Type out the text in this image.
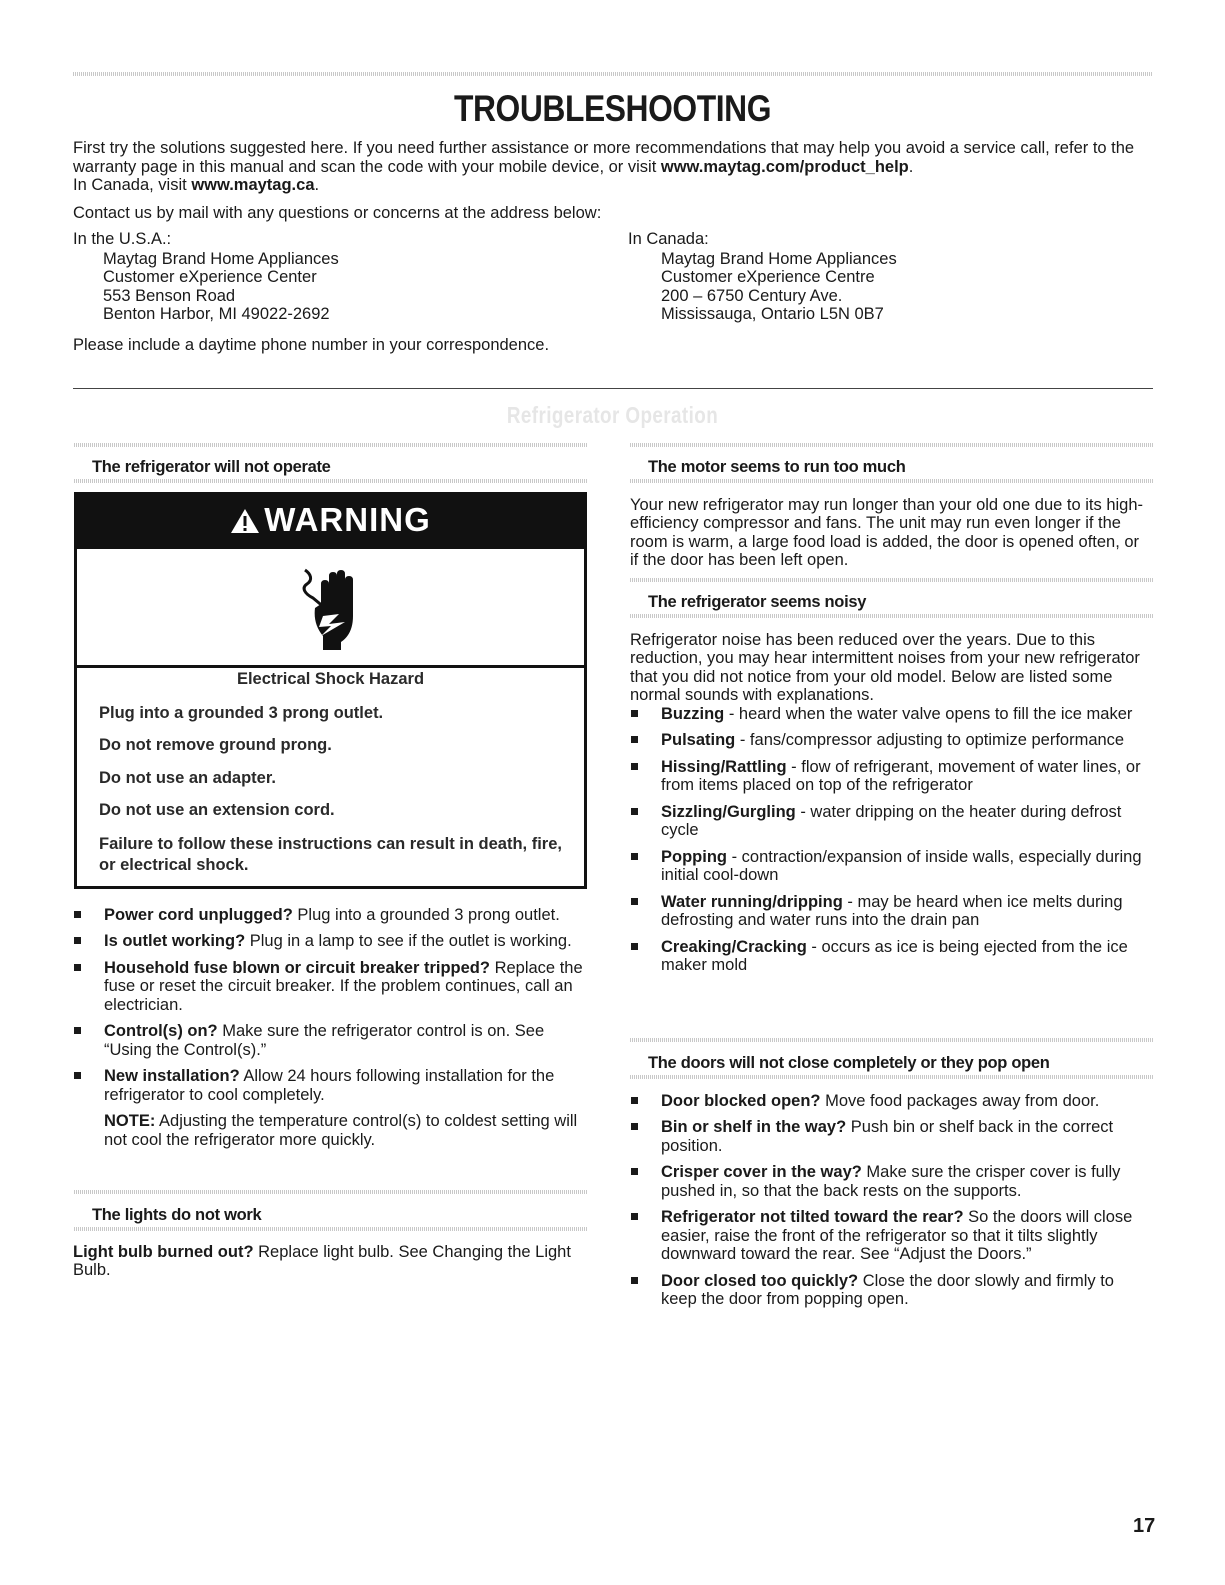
TROUBLESHOOTING

First try the solutions suggested here. If you need further assistance or more recommendations that may help you avoid a service call, refer to the warranty page in this manual and scan the code with your mobile device, or visit www.maytag.com/product_help.

In Canada, visit www.maytag.ca.

Contact us by mail with any questions or concerns at the address below:
In the U.S.A.:
Maytag Brand Home Appliances
Customer eXperience Center
553 Benson Road
Benton Harbor, MI 49022-2692
In Canada:
Maytag Brand Home Appliances
Customer eXperience Centre
200 – 6750 Century Ave.
Mississauga, Ontario L5N 0B7
Please include a daytime phone number in your correspondence.
Refrigerator Operation
The refrigerator will not operate
WARNING
Electrical Shock Hazard
Plug into a grounded 3 prong outlet.
Do not remove ground prong.
Do not use an adapter.
Do not use an extension cord.
Failure to follow these instructions can result in death, fire, or electrical shock.
Power cord unplugged? Plug into a grounded 3 prong outlet.
Is outlet working? Plug in a lamp to see if the outlet is working.
Household fuse blown or circuit breaker tripped? Replace the fuse or reset the circuit breaker. If the problem continues, call an electrician.
Control(s) on? Make sure the refrigerator control is on. See “Using the Control(s).”
New installation? Allow 24 hours following installation for the refrigerator to cool completely.
NOTE: Adjusting the temperature control(s) to coldest setting will not cool the refrigerator more quickly.
The lights do not work
Light bulb burned out? Replace light bulb. See Changing the Light Bulb.
The motor seems to run too much
Your new refrigerator may run longer than your old one due to its high-efficiency compressor and fans. The unit may run even longer if the room is warm, a large food load is added, the door is opened often, or if the door has been left open.
The refrigerator seems noisy
Refrigerator noise has been reduced over the years. Due to this reduction, you may hear intermittent noises from your new refrigerator that you did not notice from your old model. Below are listed some normal sounds with explanations.
Buzzing - heard when the water valve opens to fill the ice maker
Pulsating - fans/compressor adjusting to optimize performance
Hissing/Rattling - flow of refrigerant, movement of water lines, or from items placed on top of the refrigerator
Sizzling/Gurgling - water dripping on the heater during defrost cycle
Popping - contraction/expansion of inside walls, especially during initial cool-down
Water running/dripping - may be heard when ice melts during defrosting and water runs into the drain pan
Creaking/Cracking - occurs as ice is being ejected from the ice maker mold
The doors will not close completely or they pop open
Door blocked open? Move food packages away from door.
Bin or shelf in the way? Push bin or shelf back in the correct position.
Crisper cover in the way? Make sure the crisper cover is fully pushed in, so that the back rests on the supports.
Refrigerator not tilted toward the rear? So the doors will close easier, raise the front of the refrigerator so that it tilts slightly downward toward the rear. See “Adjust the Doors.”
Door closed too quickly? Close the door slowly and firmly to keep the door from popping open.
17
